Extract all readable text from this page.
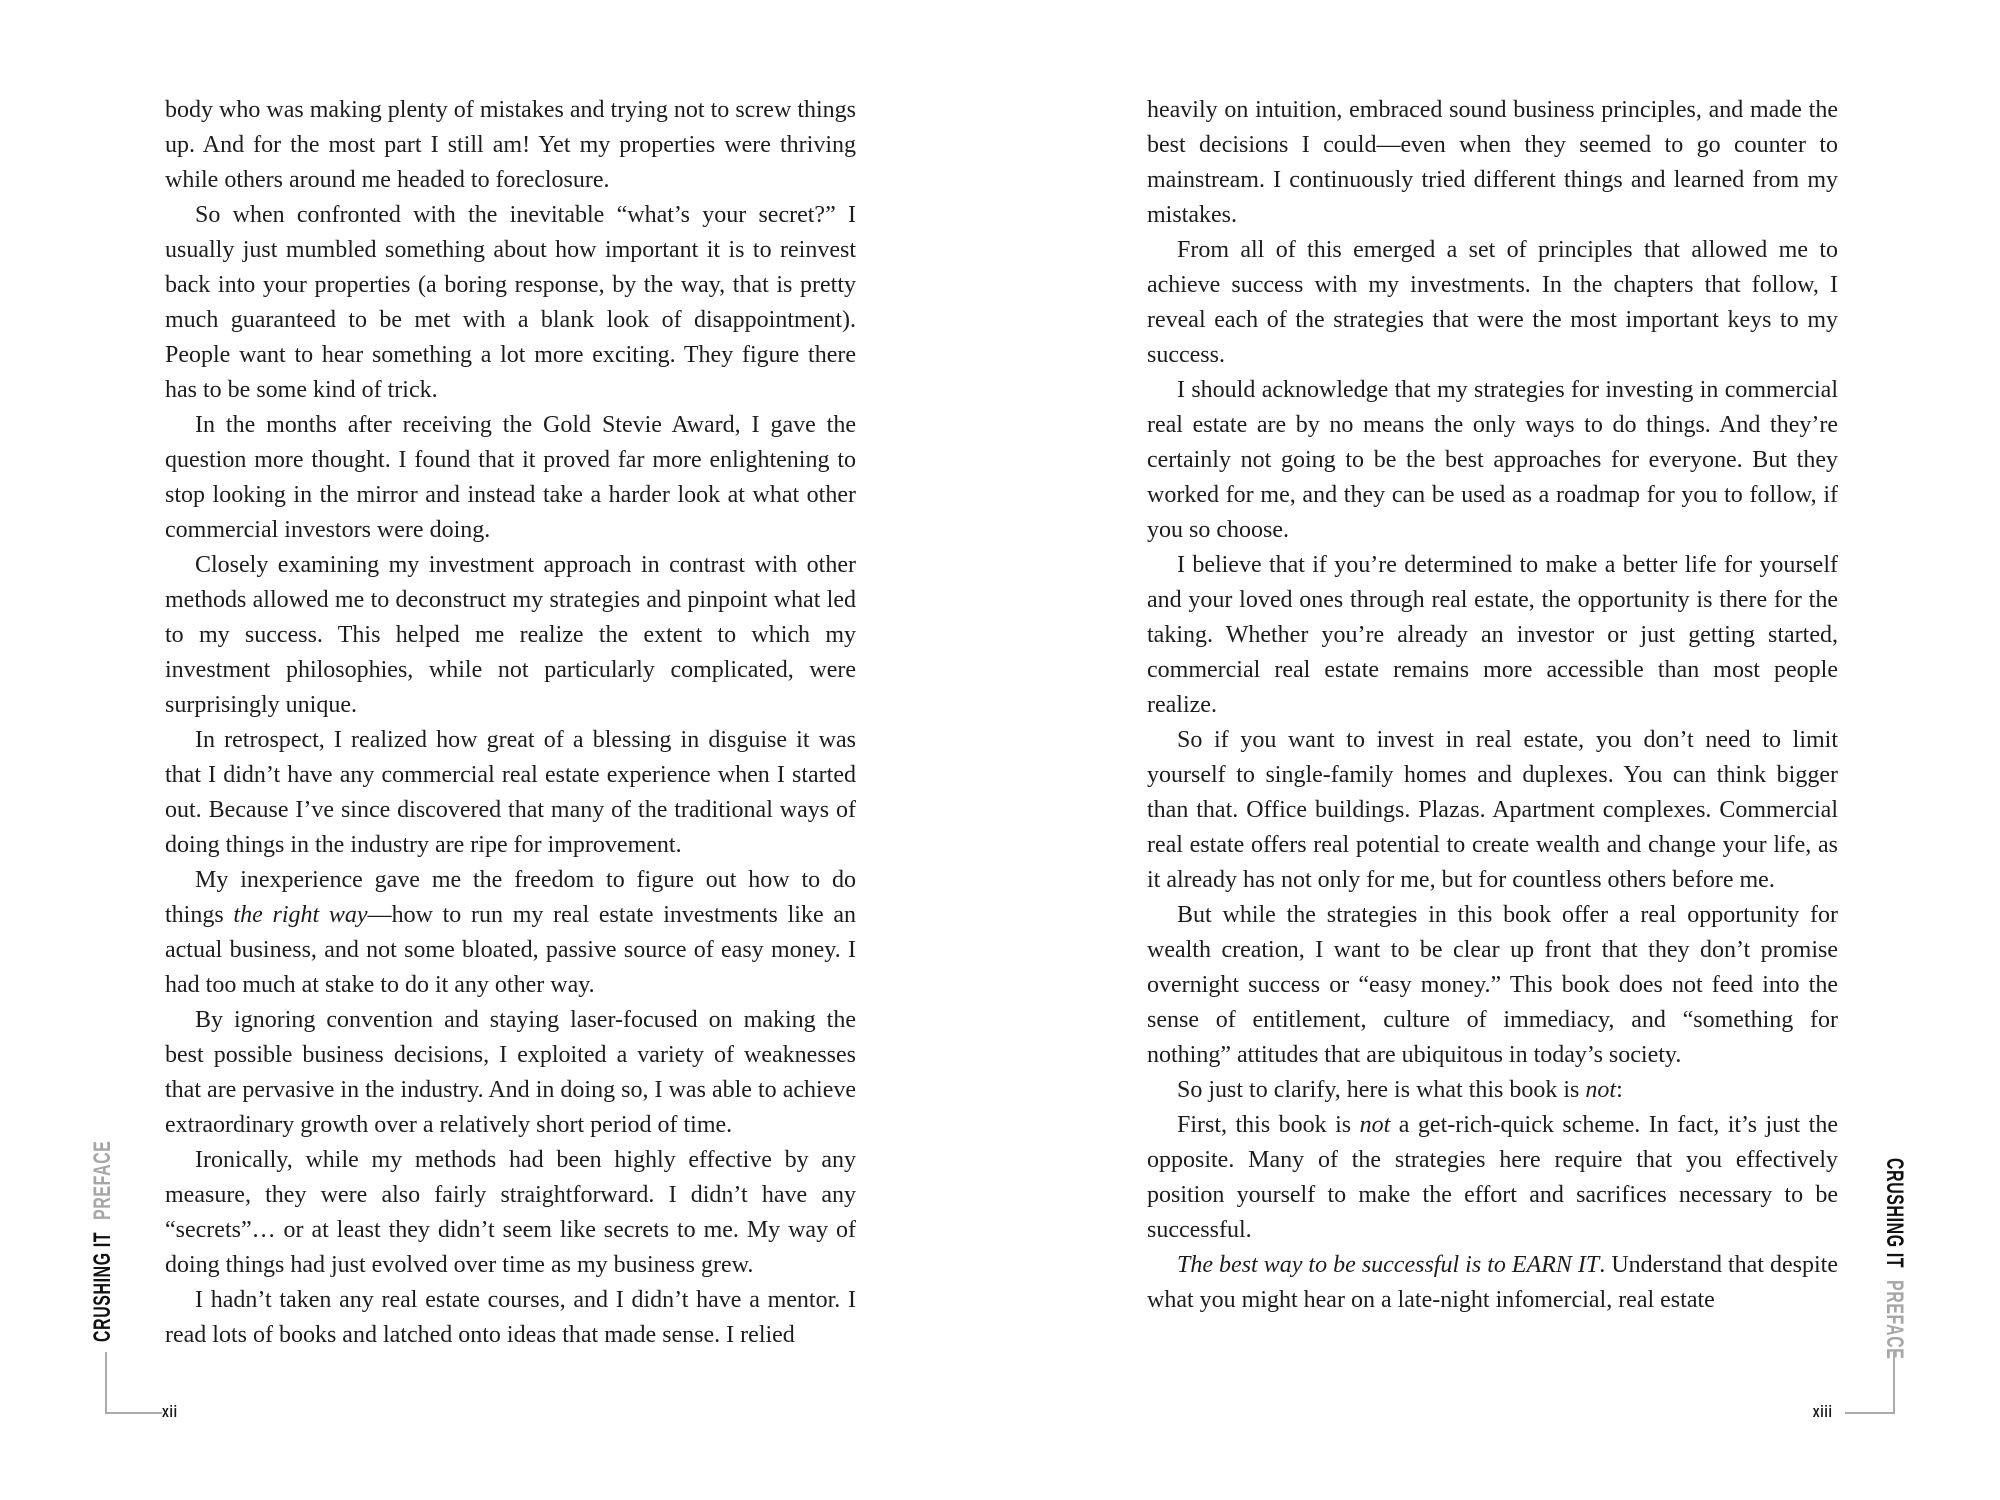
body who was making plenty of mistakes and trying not to screw things up. And for the most part I still am! Yet my properties were thriving while others around me headed to foreclosure.

So when confronted with the inevitable “what’s your secret?” I usually just mumbled something about how important it is to reinvest back into your properties (a boring response, by the way, that is pretty much guaranteed to be met with a blank look of disappointment). People want to hear something a lot more exciting. They figure there has to be some kind of trick.

In the months after receiving the Gold Stevie Award, I gave the question more thought. I found that it proved far more enlightening to stop looking in the mirror and instead take a harder look at what other commercial investors were doing.

Closely examining my investment approach in contrast with other methods allowed me to deconstruct my strategies and pinpoint what led to my success. This helped me realize the extent to which my investment philosophies, while not particularly complicated, were surprisingly unique.

In retrospect, I realized how great of a blessing in disguise it was that I didn’t have any commercial real estate experience when I started out. Because I’ve since discovered that many of the traditional ways of doing things in the industry are ripe for improvement.

My inexperience gave me the freedom to figure out how to do things the right way—how to run my real estate investments like an actual business, and not some bloated, passive source of easy money. I had too much at stake to do it any other way.

By ignoring convention and staying laser-focused on making the best possible business decisions, I exploited a variety of weaknesses that are pervasive in the industry. And in doing so, I was able to achieve extraordinary growth over a relatively short period of time.

Ironically, while my methods had been highly effective by any measure, they were also fairly straightforward. I didn’t have any “secrets”… or at least they didn’t seem like secrets to me. My way of doing things had just evolved over time as my business grew.

I hadn’t taken any real estate courses, and I didn’t have a mentor. I read lots of books and latched onto ideas that made sense. I relied

CRUSHING ITPREFACE
xii

heavily on intuition, embraced sound business principles, and made the best decisions I could—even when they seemed to go counter to mainstream. I continuously tried different things and learned from my mistakes.

From all of this emerged a set of principles that allowed me to achieve success with my investments. In the chapters that follow, I reveal each of the strategies that were the most important keys to my success.

I should acknowledge that my strategies for investing in commercial real estate are by no means the only ways to do things. And they’re certainly not going to be the best approaches for everyone. But they worked for me, and they can be used as a roadmap for you to follow, if you so choose.

I believe that if you’re determined to make a better life for yourself and your loved ones through real estate, the opportunity is there for the taking. Whether you’re already an investor or just getting started, commercial real estate remains more accessible than most people realize.

So if you want to invest in real estate, you don’t need to limit yourself to single-family homes and duplexes. You can think bigger than that. Office buildings. Plazas. Apartment complexes. Commercial real estate offers real potential to create wealth and change your life, as it already has not only for me, but for countless others before me.

But while the strategies in this book offer a real opportunity for wealth creation, I want to be clear up front that they don’t promise overnight success or “easy money.” This book does not feed into the sense of entitlement, culture of immediacy, and “something for nothing” attitudes that are ubiquitous in today’s society.

So just to clarify, here is what this book is not:

First, this book is not a get-rich-quick scheme. In fact, it’s just the opposite. Many of the strategies here require that you effectively position yourself to make the effort and sacrifices necessary to be successful.

The best way to be successful is to EARN IT. Understand that despite what you might hear on a late-night infomercial, real estate

CRUSHING ITPREFACE
xiii
